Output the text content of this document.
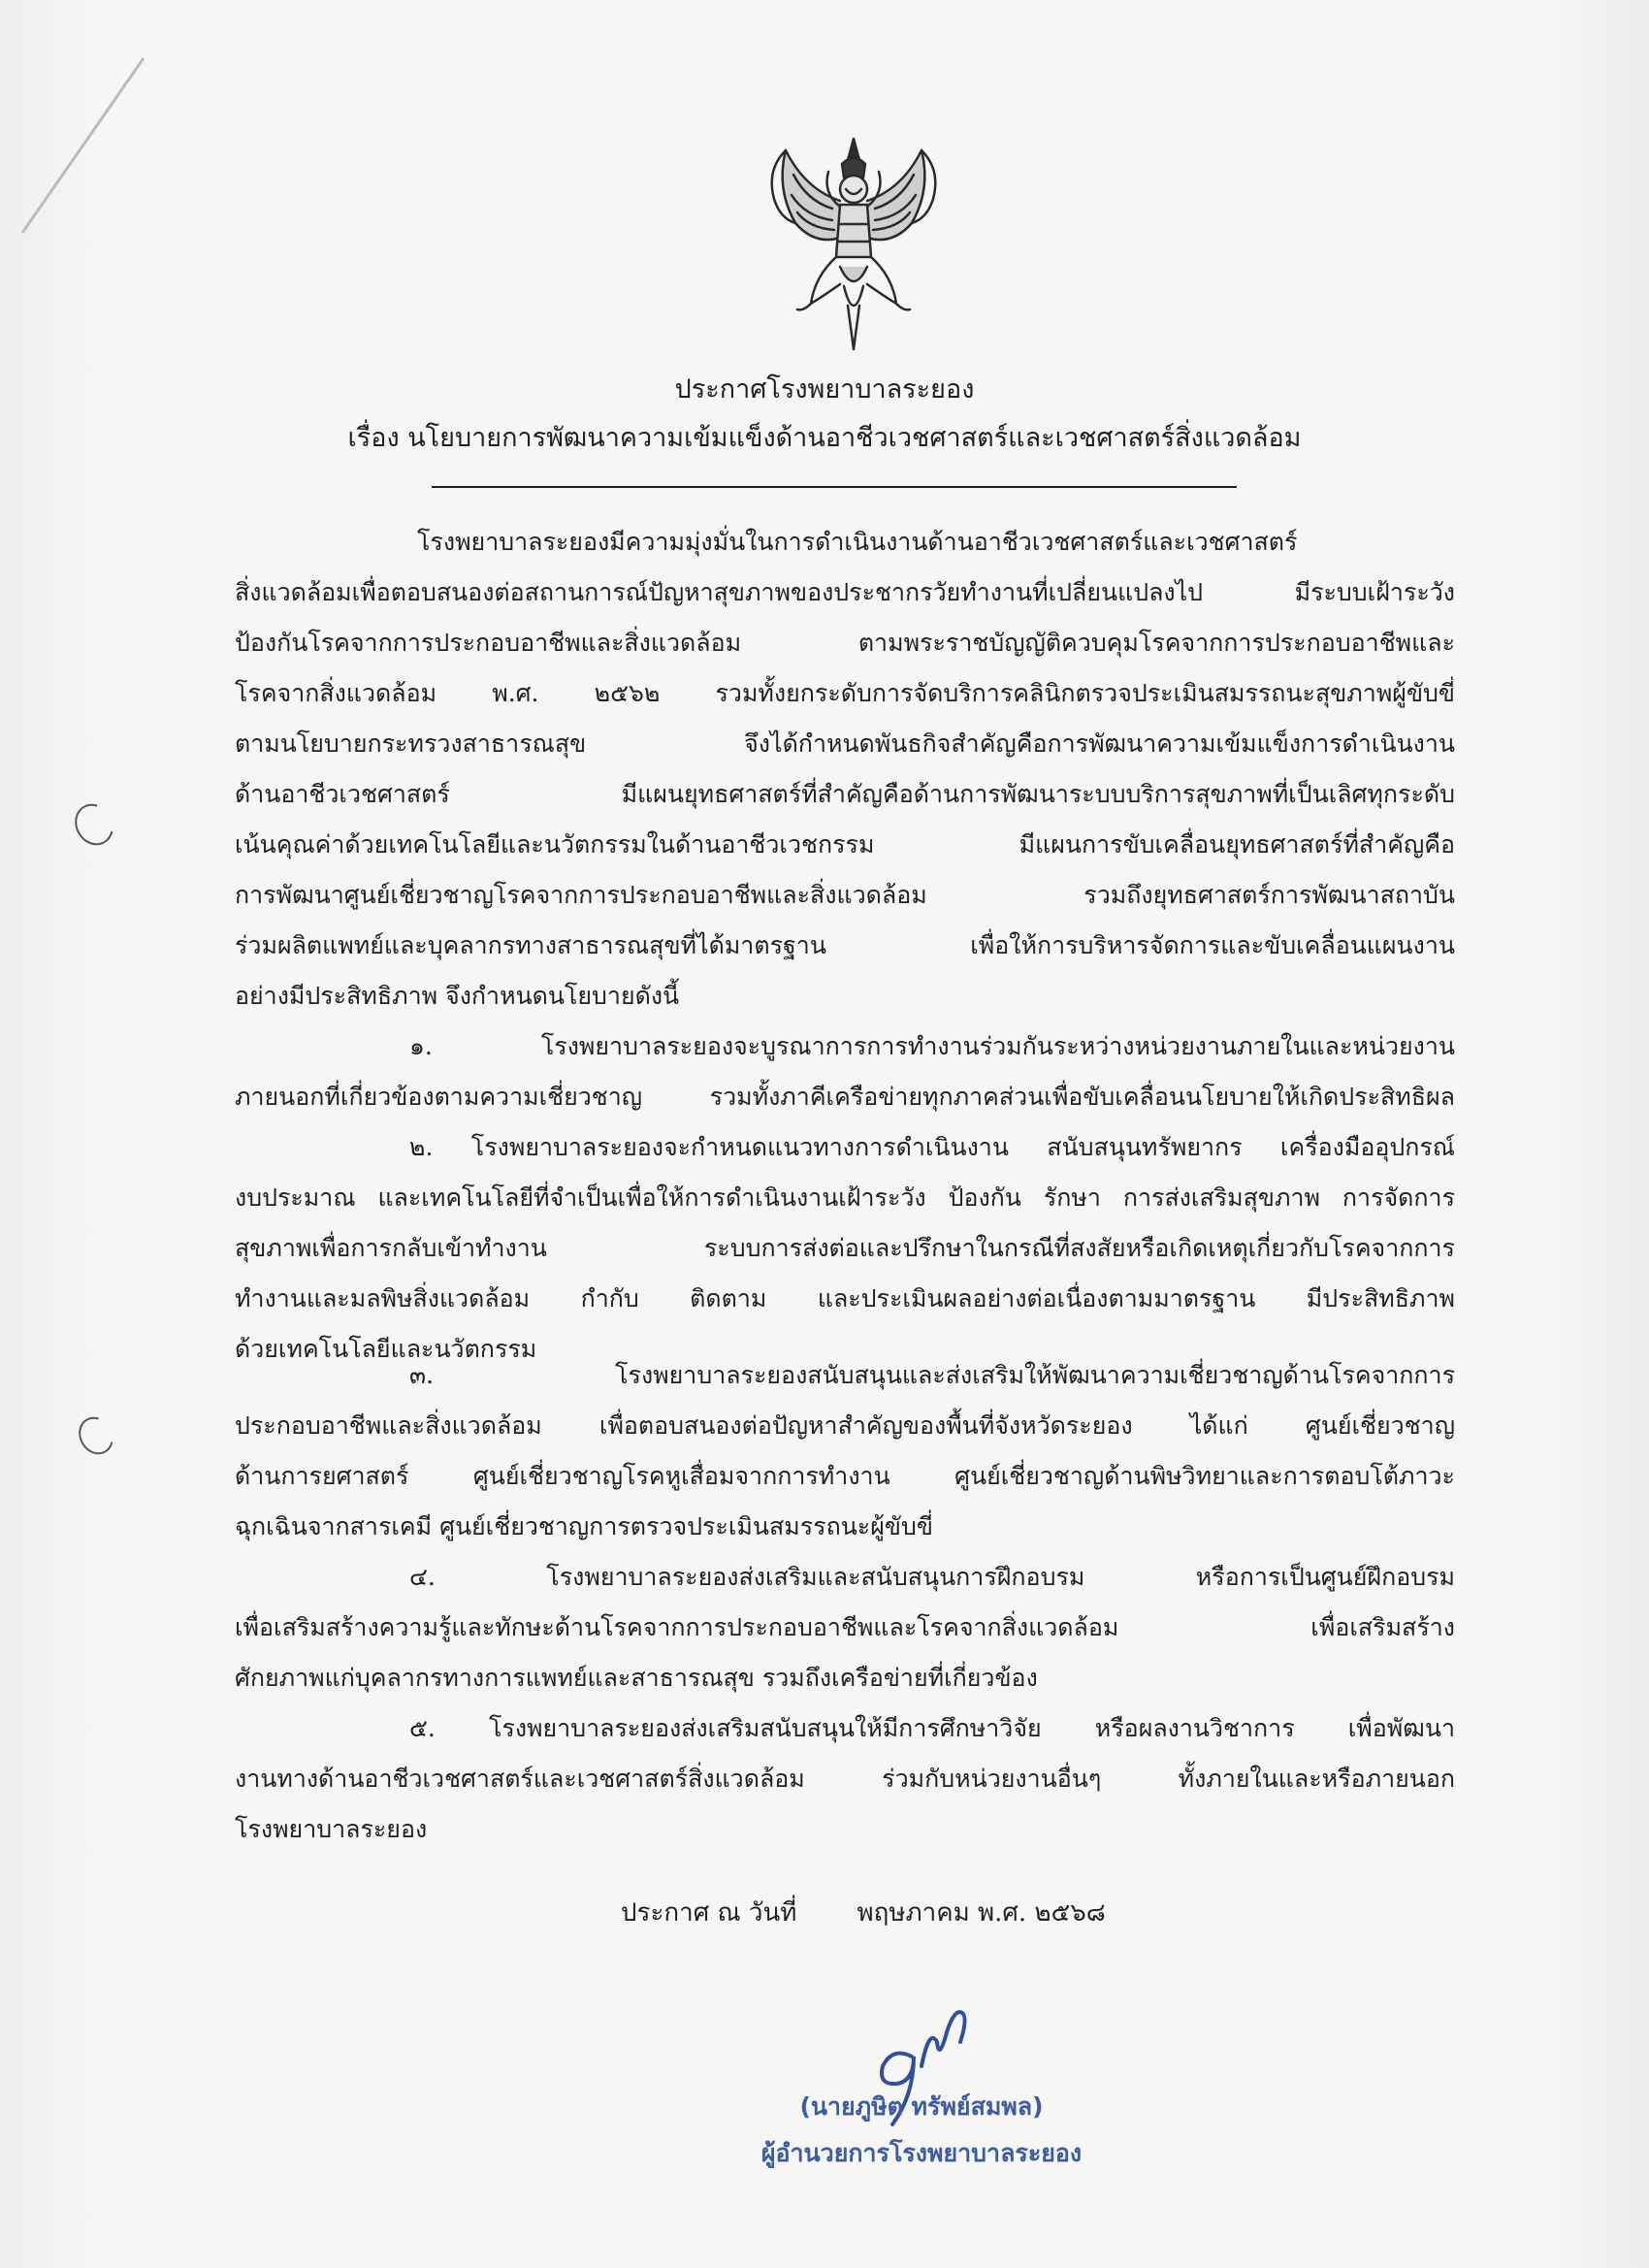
ประกาศโรงพยาบาลระยอง
เรื่อง นโยบายการพัฒนาความเข้มแข็งด้านอาชีวเวชศาสตร์และเวชศาสตร์สิ่งแวดล้อม
โรงพยาบาลระยองมีความมุ่งมั่นในการดำเนินงานด้านอาชีวเวชศาสตร์และเวชศาสตร์
สิ่งแวดล้อมเพื่อตอบสนองต่อสถานการณ์ปัญหาสุขภาพของประชากรวัยทำงานที่เปลี่ยนแปลงไป มีระบบเฝ้าระวัง
ป้องกันโรคจากการประกอบอาชีพและสิ่งแวดล้อม ตามพระราชบัญญัติควบคุมโรคจากการประกอบอาชีพและ
โรคจากสิ่งแวดล้อม พ.ศ. ๒๕๖๒ รวมทั้งยกระดับการจัดบริการคลินิกตรวจประเมินสมรรถนะสุขภาพผู้ขับขี่
ตามนโยบายกระทรวงสาธารณสุข จึงได้กำหนดพันธกิจสำคัญคือการพัฒนาความเข้มแข็งการดำเนินงาน
ด้านอาชีวเวชศาสตร์ มีแผนยุทธศาสตร์ที่สำคัญคือด้านการพัฒนาระบบบริการสุขภาพที่เป็นเลิศทุกระดับ
เน้นคุณค่าด้วยเทคโนโลยีและนวัตกรรมในด้านอาชีวเวชกรรม มีแผนการขับเคลื่อนยุทธศาสตร์ที่สำคัญคือ
การพัฒนาศูนย์เชี่ยวชาญโรคจากการประกอบอาชีพและสิ่งแวดล้อม รวมถึงยุทธศาสตร์การพัฒนาสถาบัน
ร่วมผลิตแพทย์และบุคลากรทางสาธารณสุขที่ได้มาตรฐาน เพื่อให้การบริหารจัดการและขับเคลื่อนแผนงาน
อย่างมีประสิทธิภาพ จึงกำหนดนโยบายดังนี้
๑. โรงพยาบาลระยองจะบูรณาการการทำงานร่วมกันระหว่างหน่วยงานภายในและหน่วยงาน
ภายนอกที่เกี่ยวข้องตามความเชี่ยวชาญ รวมทั้งภาคีเครือข่ายทุกภาคส่วนเพื่อขับเคลื่อนนโยบายให้เกิดประสิทธิผล
๒. โรงพยาบาลระยองจะกำหนดแนวทางการดำเนินงาน สนับสนุนทรัพยากร เครื่องมืออุปกรณ์
งบประมาณ และเทคโนโลยีที่จำเป็นเพื่อให้การดำเนินงานเฝ้าระวัง ป้องกัน รักษา การส่งเสริมสุขภาพ การจัดการ
สุขภาพเพื่อการกลับเข้าทำงาน ระบบการส่งต่อและปรึกษาในกรณีที่สงสัยหรือเกิดเหตุเกี่ยวกับโรคจากการ
ทำงานและมลพิษสิ่งแวดล้อม กำกับ ติดตาม และประเมินผลอย่างต่อเนื่องตามมาตรฐาน มีประสิทธิภาพ
ด้วยเทคโนโลยีและนวัตกรรม
๓. โรงพยาบาลระยองสนับสนุนและส่งเสริมให้พัฒนาความเชี่ยวชาญด้านโรคจากการ
ประกอบอาชีพและสิ่งแวดล้อม เพื่อตอบสนองต่อปัญหาสำคัญของพื้นที่จังหวัดระยอง ได้แก่ ศูนย์เชี่ยวชาญ
ด้านการยศาสตร์ ศูนย์เชี่ยวชาญโรคหูเสื่อมจากการทำงาน ศูนย์เชี่ยวชาญด้านพิษวิทยาและการตอบโต้ภาวะ
ฉุกเฉินจากสารเคมี ศูนย์เชี่ยวชาญการตรวจประเมินสมรรถนะผู้ขับขี่
๔. โรงพยาบาลระยองส่งเสริมและสนับสนุนการฝึกอบรม หรือการเป็นศูนย์ฝึกอบรม
เพื่อเสริมสร้างความรู้และทักษะด้านโรคจากการประกอบอาชีพและโรคจากสิ่งแวดล้อม เพื่อเสริมสร้าง
ศักยภาพแก่บุคลากรทางการแพทย์และสาธารณสุข รวมถึงเครือข่ายที่เกี่ยวข้อง
๕. โรงพยาบาลระยองส่งเสริมสนับสนุนให้มีการศึกษาวิจัย หรือผลงานวิชาการ เพื่อพัฒนา
งานทางด้านอาชีวเวชศาสตร์และเวชศาสตร์สิ่งแวดล้อม ร่วมกับหน่วยงานอื่นๆ ทั้งภายในและหรือภายนอก
โรงพยาบาลระยอง
ประกาศ ณ วันที่ พฤษภาคม พ.ศ. ๒๕๖๘
(นายภูษิต ทรัพย์สมพล)
ผู้อำนวยการโรงพยาบาลระยอง
